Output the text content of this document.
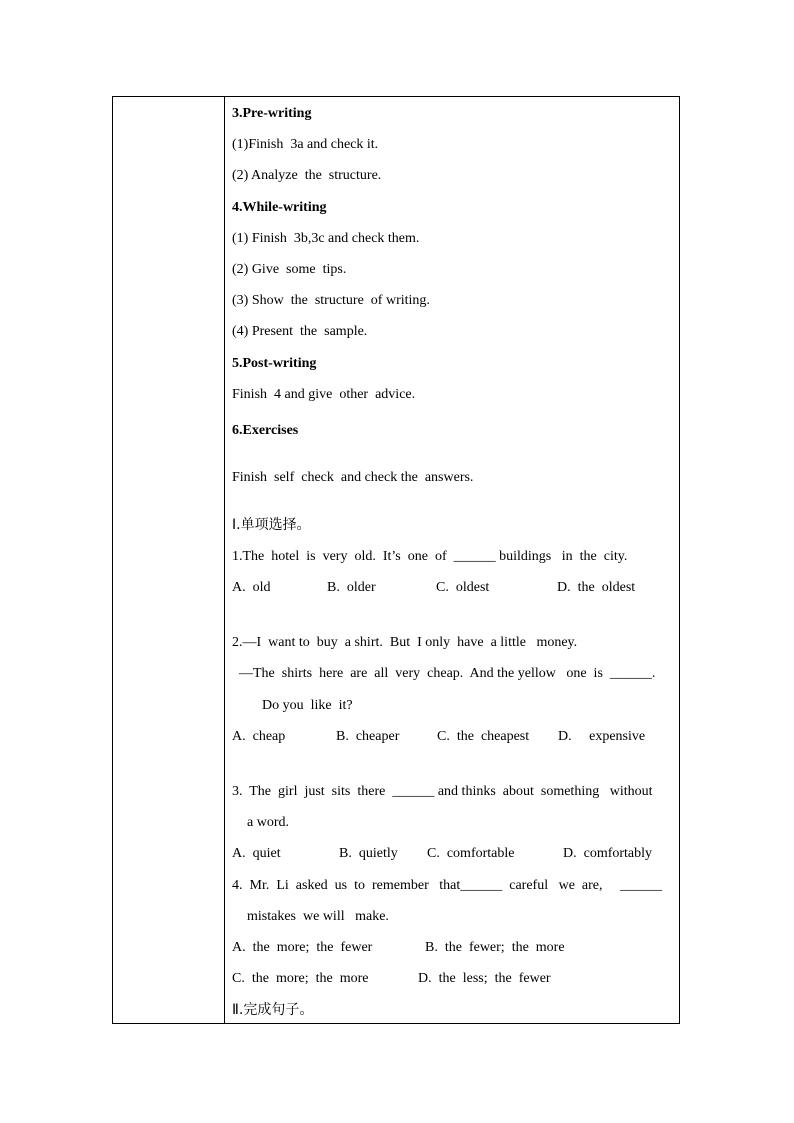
3.Pre-writing
(1)Finish  3a and check it.
(2) Analyze  the  structure.
4.While-writing
(1) Finish  3b,3c and check them.
(2) Give  some  tips.
(3) Show  the  structure  of writing.
(4) Present  the  sample.
5.Post-writing
Finish  4 and give  other  advice.
6.Exercises
Finish  self  check  and check the  answers.
Ⅰ.单项选择。
1.The  hotel  is  very  old.  It’s  one  of  ______ buildings   in  the  city.
A.  old	B.  older	C.  oldest	D.  the  oldest
2.—I  want to  buy  a shirt.  But  I only  have  a little   money.
—The  shirts  here  are  all  very  cheap.  And the yellow   one  is  ______.
Do you  like  it?
A.  cheap	B.  cheaper	C.  the  cheapest D.     expensive
3.  The  girl  just  sits  there  ______ and thinks  about  something   without
a word.
A.  quiet	B.  quietly C.  comfortable	D.  comfortably
4.  Mr.  Li  asked  us  to  remember   that______  careful   we  are,     ______
mistakes  we will   make.
A.  the  more;  the  fewer	B.  the  fewer;  the  more
C.  the  more;  the  more	D.  the  less;  the  fewer
Ⅱ.完成句子。
